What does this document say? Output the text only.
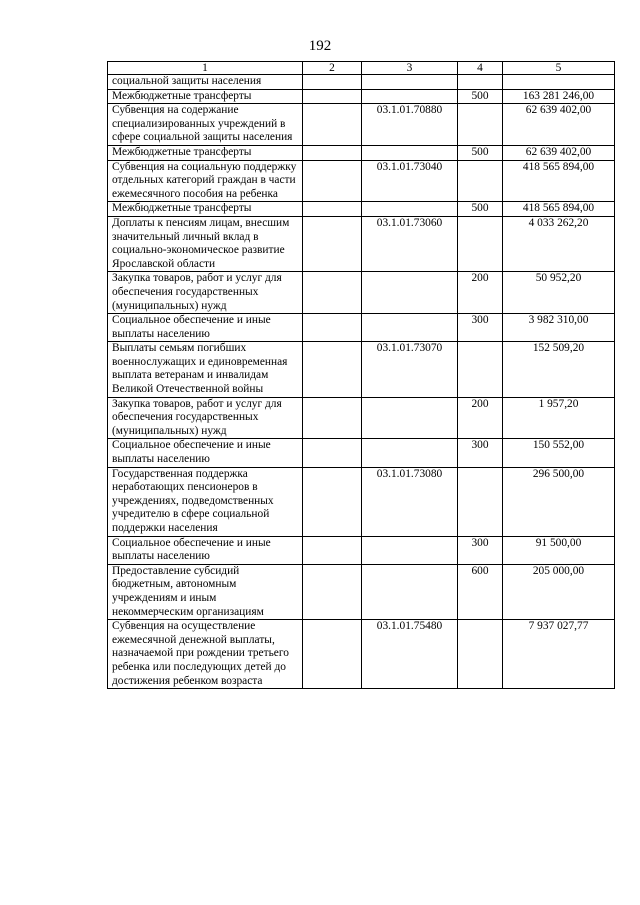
192
1	2	3	4	5
социальной защиты населения				
Межбюджетные трансферты			500	163 281 246,00
Субвенция на содержание специализированных учреждений в сфере социальной защиты населения		03.1.01.70880		62 639 402,00
Межбюджетные трансферты			500	62 639 402,00
Субвенция на социальную поддержку отдельных категорий граждан в части ежемесячного пособия на ребенка		03.1.01.73040		418 565 894,00
Межбюджетные трансферты			500	418 565 894,00
Доплаты к пенсиям лицам, внесшим значительный личный вклад в социально-экономическое развитие Ярославской области		03.1.01.73060		4 033 262,20
Закупка товаров, работ и услуг для обеспечения государственных (муниципальных) нужд			200	50 952,20
Социальное обеспечение и иные выплаты населению			300	3 982 310,00
Выплаты семьям погибших военнослужащих и единовременная выплата ветеранам и инвалидам Великой Отечественной войны		03.1.01.73070		152 509,20
Закупка товаров, работ и услуг для обеспечения государственных (муниципальных) нужд			200	1 957,20
Социальное обеспечение и иные выплаты населению			300	150 552,00
Государственная поддержка неработающих пенсионеров в учреждениях, подведомственных учредителю в сфере социальной поддержки населения		03.1.01.73080		296 500,00
Социальное обеспечение и иные выплаты населению			300	91 500,00
Предоставление субсидий бюджетным, автономным учреждениям и иным некоммерческим организациям			600	205 000,00
Субвенция на осуществление ежемесячной денежной выплаты, назначаемой при рождении третьего ребенка или последующих детей до достижения ребенком возраста		03.1.01.75480		7 937 027,77
